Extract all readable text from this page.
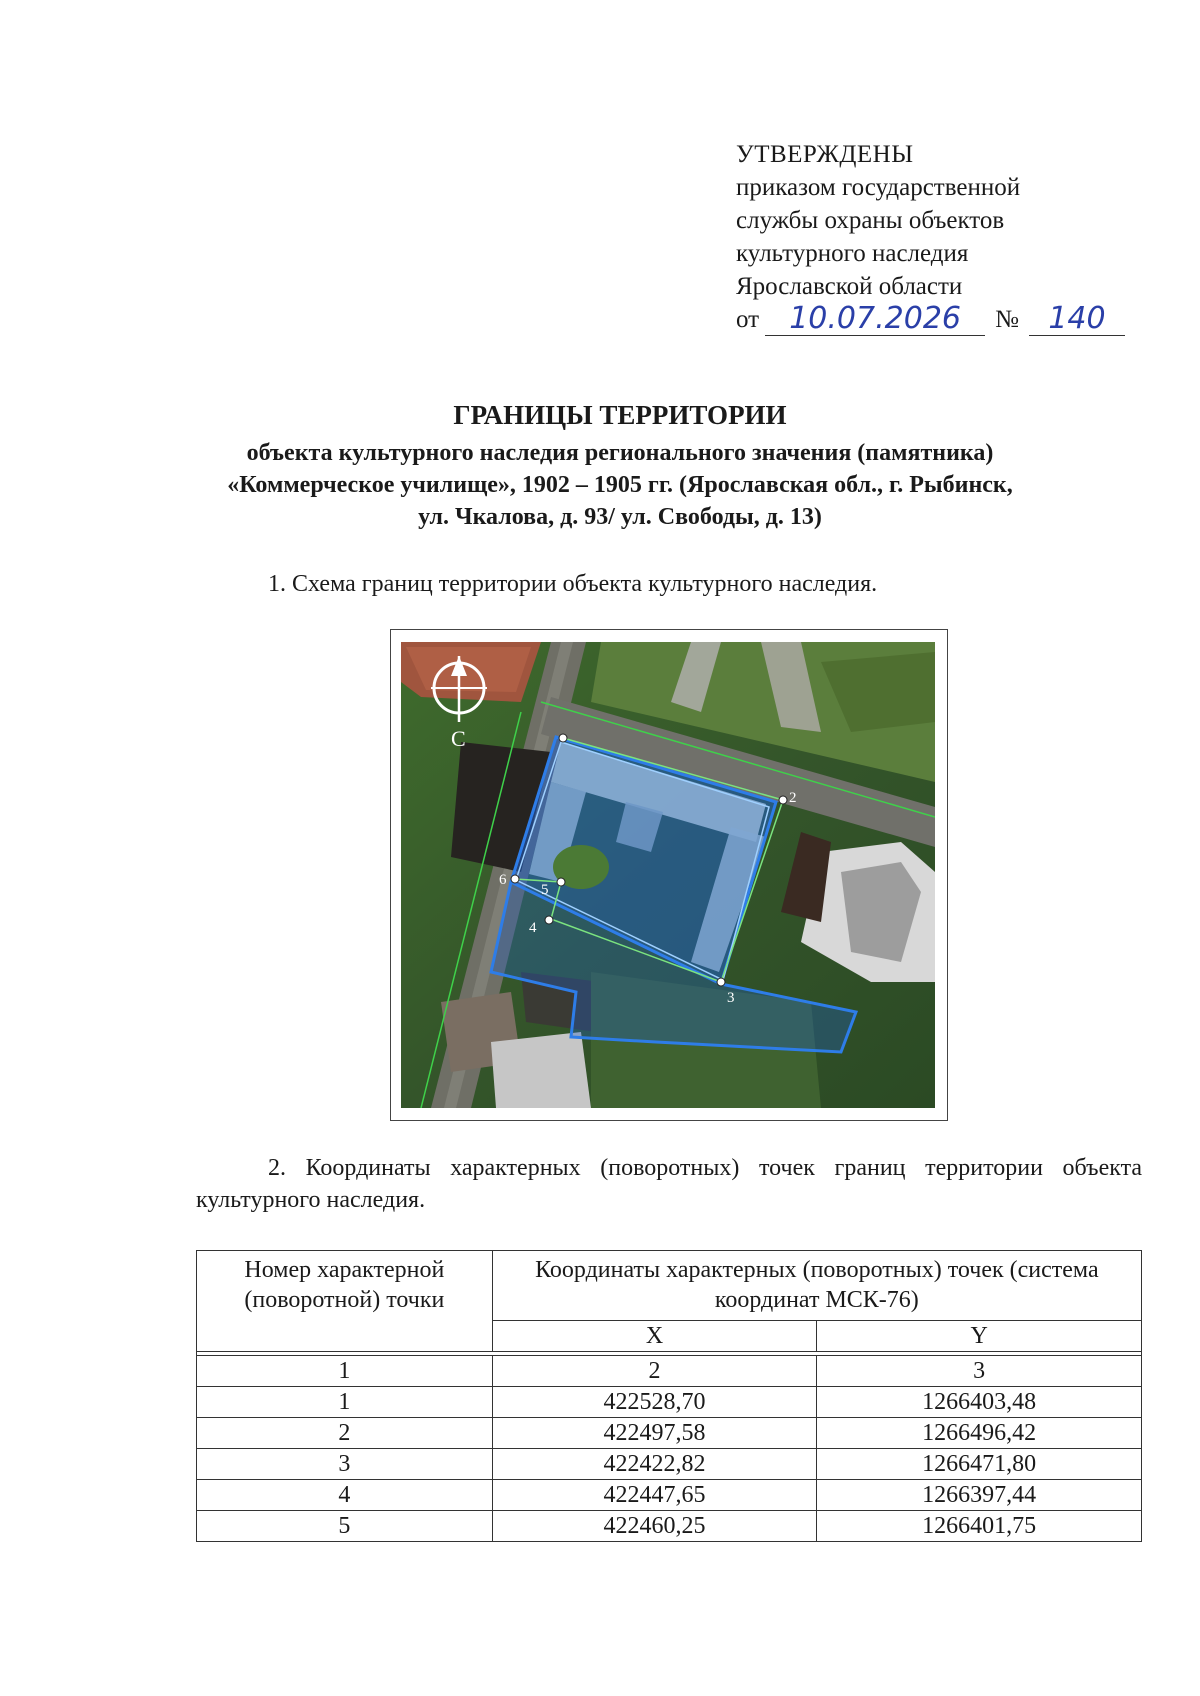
УТВЕРЖДЕНЫ
приказом государственной
службы охраны объектов
культурного наследия
Ярославской области
от	10.07.2026	№ 140
ГРАНИЦЫ ТЕРРИТОРИИ
объекта культурного наследия регионального значения (памятника)
«Коммерческое училище», 1902 – 1905 гг. (Ярославская обл., г. Рыбинск,
ул. Чкалова, д. 93/ ул. Свободы, д. 13)
1. Схема границ территории объекта культурного наследия.
2
3
4
5
6
С
2. Координаты характерных (поворотных) точек границ территории объекта культурного наследия.
Номер характерной (поворотной) точки	Координаты характерных (поворотных) точек (система координат МСК-76)	
	X	Y

1	2	3
1	422528,70	1266403,48
2	422497,58	1266496,42
3	422422,82	1266471,80
4	422447,65	1266397,44
5	422460,25	1266401,75
